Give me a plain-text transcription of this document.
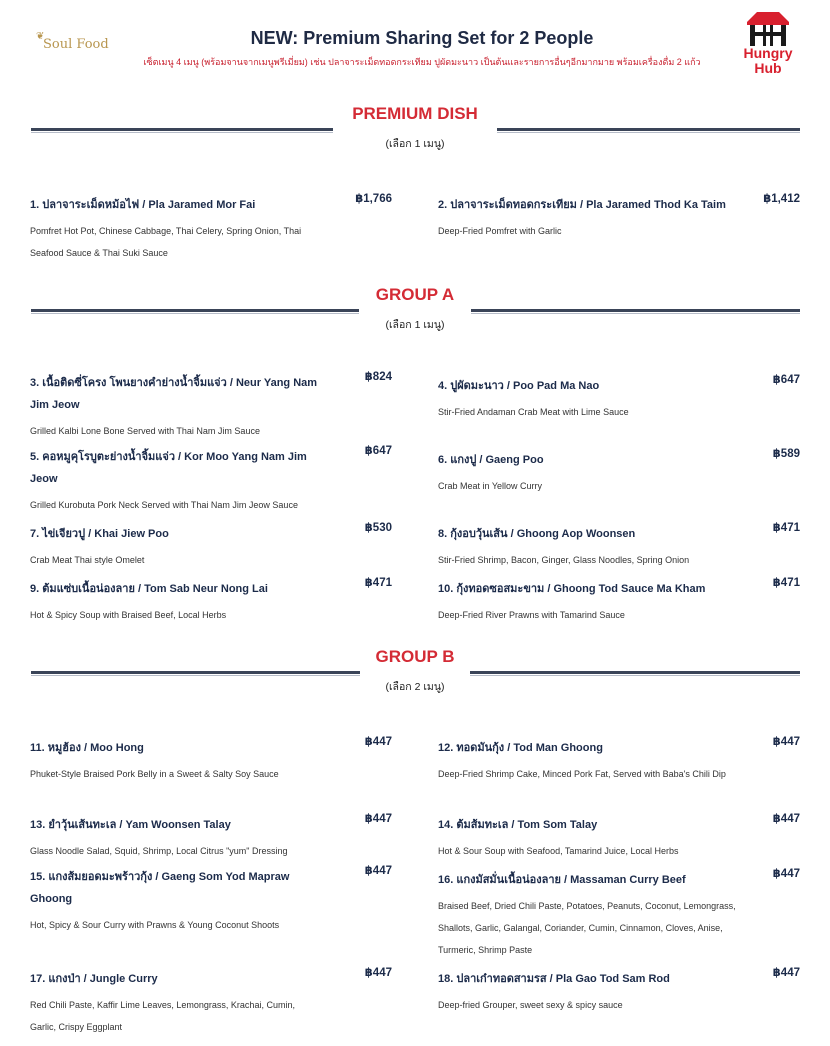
❦
Soul Food	NEW: Premium Sharing Set for 2 People
เซ็ตเมนู 4 เมนู (พร้อมจานจากเมนูพรีเมี่ยม) เช่น ปลาจาระเม็ดทอดกระเทียม ปูผัดมะนาว เป็นต้นและรายการอื่นๆอีกมากมาย พร้อมเครื่องดื่ม 2 แก้ว
Hungry
Hub
PREMIUM DISH
(เลือก 1 เมนู)
1. ปลาจาระเม็ดหม้อไฟ / Pla Jaramed Mor Fai	฿1,766
Pomfret Hot Pot, Chinese Cabbage, Thai Celery, Spring Onion, Thai Seafood Sauce & Thai Suki Sauce
2. ปลาจาระเม็ดทอดกระเทียม / Pla Jaramed Thod Ka Taim	฿1,412
Deep-Fried Pomfret with Garlic
GROUP A
(เลือก 1 เมนู)
3. เนื้อติดซี่โครง โพนยางคำย่างน้ำจิ้มแจ่ว / Neur Yang Nam Jim Jeow
฿824
Grilled Kalbi Lone Bone Served with Thai Nam Jim Sauce
4. ปูผัดมะนาว / Poo Pad Ma Nao	฿647
Stir-Fried Andaman Crab Meat with Lime Sauce
5. คอหมูคุโรบูตะย่างน้ำจิ้มแจ่ว / Kor Moo Yang Nam Jim Jeow
฿647
Grilled Kurobuta Pork Neck Served with Thai Nam Jim Jeow Sauce
6. แกงปู / Gaeng Poo	฿589
Crab Meat in Yellow Curry
7. ไข่เจียวปู / Khai Jiew Poo	฿530
Crab Meat Thai style Omelet
8. กุ้งอบวุ้นเส้น / Ghoong Aop Woonsen	฿471
Stir-Fried Shrimp, Bacon, Ginger, Glass Noodles, Spring Onion
9. ต้มแซ่บเนื้อน่องลาย / Tom Sab Neur Nong Lai	฿471
Hot & Spicy Soup with Braised Beef, Local Herbs
10. กุ้งทอดซอสมะขาม / Ghoong Tod Sauce Ma Kham	฿471
Deep-Fried River Prawns with Tamarind Sauce
GROUP B
(เลือก 2 เมนู)
11. หมูฮ้อง / Moo Hong	฿447
Phuket-Style Braised Pork Belly in a Sweet & Salty Soy Sauce
12. ทอดมันกุ้ง / Tod Man Ghoong	฿447
Deep-Fried Shrimp Cake, Minced Pork Fat, Served with Baba's Chili Dip
13. ยำวุ้นเส้นทะเล / Yam Woonsen Talay	฿447
Glass Noodle Salad, Squid, Shrimp, Local Citrus "yum" Dressing
14. ต้มส้มทะเล / Tom Som Talay	฿447
Hot & Sour Soup with Seafood, Tamarind Juice, Local Herbs
15. แกงส้มยอดมะพร้าวกุ้ง / Gaeng Som Yod Mapraw Ghoong
฿447
Hot, Spicy & Sour Curry with Prawns & Young Coconut Shoots
16. แกงมัสมั่นเนื้อน่องลาย / Massaman Curry Beef	฿447
Braised Beef, Dried Chili Paste, Potatoes, Peanuts, Coconut, Lemongrass, Shallots, Garlic, Galangal, Coriander, Cumin, Cinnamon, Cloves, Anise, Turmeric, Shrimp Paste
17. แกงป่า / Jungle Curry	฿447
Red Chili Paste, Kaffir Lime Leaves, Lemongrass, Krachai, Cumin, Garlic, Crispy Eggplant
18. ปลาเก๋าทอดสามรส / Pla Gao Tod Sam Rod	฿447
Deep-fried Grouper, sweet sexy & spicy sauce
